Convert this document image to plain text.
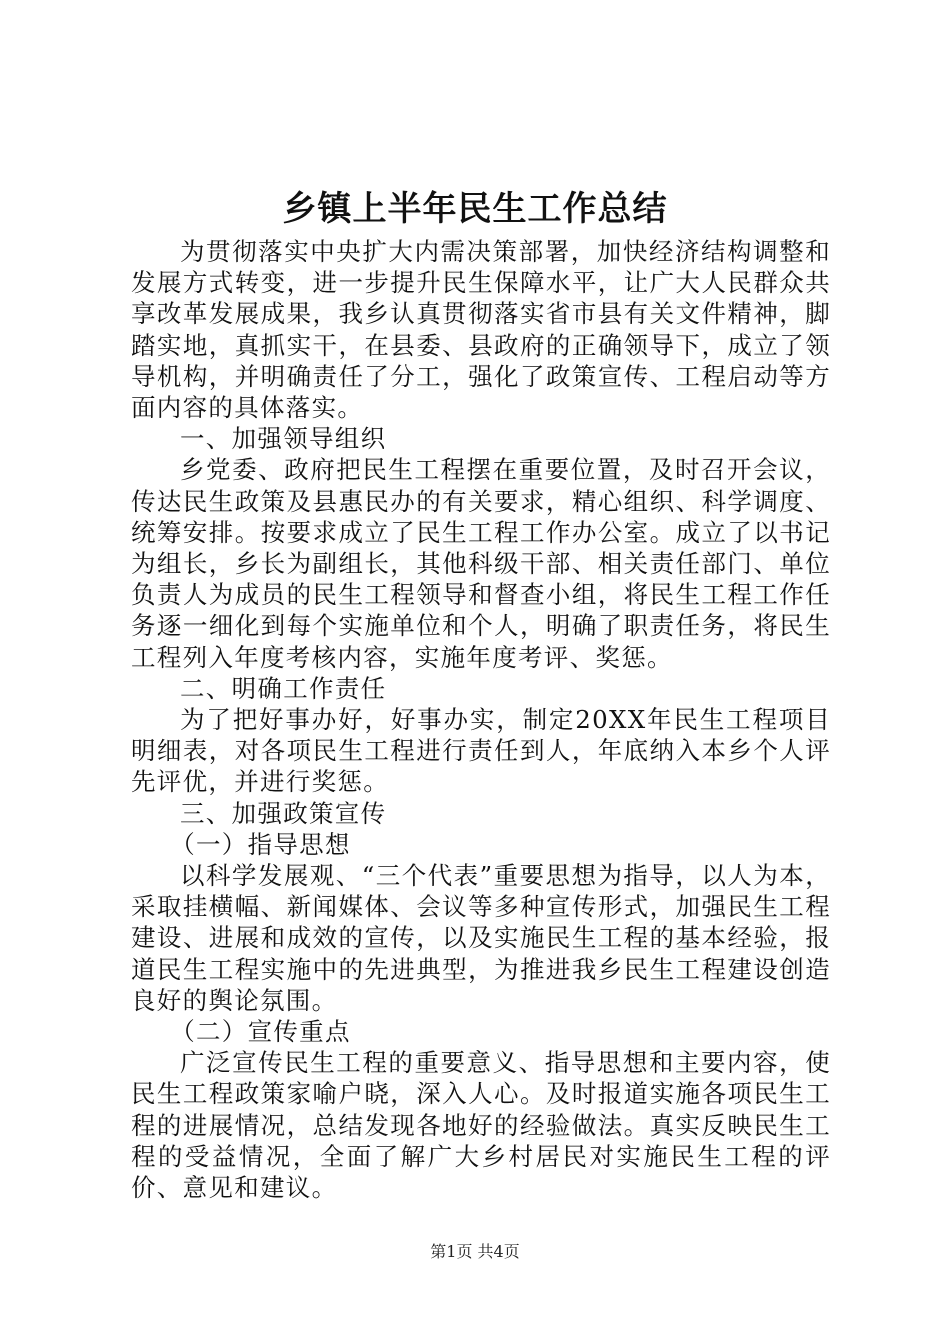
乡镇上半年民生工作总结

为贯彻落实中央扩大内需决策部署，加快经济结构调整和发展方式转变，进一步提升民生保障水平，让广大人民群众共享改革发展成果，我乡认真贯彻落实省市县有关文件精神，脚踏实地，真抓实干，在县委、县政府的正确领导下，成立了领导机构，并明确责任了分工，强化了政策宣传、工程启动等方面内容的具体落实。

一、加强领导组织

乡党委、政府把民生工程摆在重要位置，及时召开会议，传达民生政策及县惠民办的有关要求，精心组织、科学调度、统筹安排。按要求成立了民生工程工作办公室。成立了以书记为组长，乡长为副组长，其他科级干部、相关责任部门、单位负责人为成员的民生工程领导和督查小组，将民生工程工作任务逐一细化到每个实施单位和个人，明确了职责任务，将民生工程列入年度考核内容，实施年度考评、奖惩。

二、明确工作责任

为了把好事办好，好事办实，制定20XX年民生工程项目明细表，对各项民生工程进行责任到人，年底纳入本乡个人评先评优，并进行奖惩。

三、加强政策宣传

（一）指导思想

以科学发展观、“三个代表”重要思想为指导，以人为本，采取挂横幅、新闻媒体、会议等多种宣传形式，加强民生工程建设、进展和成效的宣传，以及实施民生工程的基本经验，报道民生工程实施中的先进典型，为推进我乡民生工程建设创造良好的舆论氛围。

（二）宣传重点

广泛宣传民生工程的重要意义、指导思想和主要内容，使民生工程政策家喻户晓，深入人心。及时报道实施各项民生工程的进展情况，总结发现各地好的经验做法。真实反映民生工程的受益情况，全面了解广大乡村居民对实施民生工程的评价、意见和建议。

第1页 共4页
